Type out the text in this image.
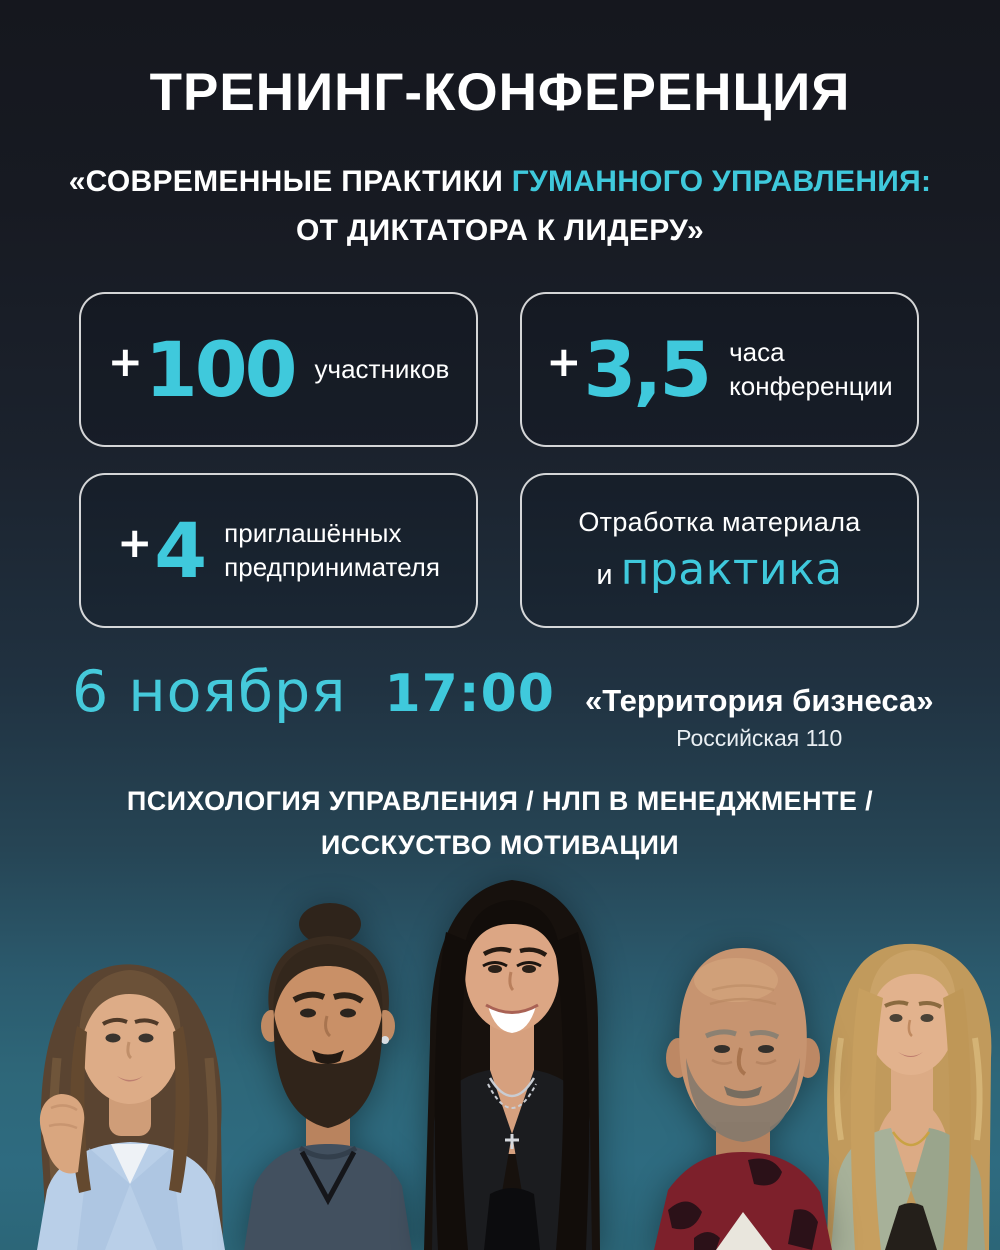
ТРЕНИНГ-КОНФЕРЕНЦИЯ
«СОВРЕМЕННЫЕ ПРАКТИКИ ГУМАННОГО УПРАВЛЕНИЯ:
ОТ ДИКТАТОРА К ЛИДЕРУ»
+100 участников +3,5 часа
конференции
+4 приглашённых
предпринимателя
Отработка материала
и практика
6 ноября 17:00 «Территория бизнеса»
Российская 110
ПСИХОЛОГИЯ УПРАВЛЕНИЯ / НЛП В МЕНЕДЖМЕНТЕ /
ИССКУСТВО МОТИВАЦИИ
